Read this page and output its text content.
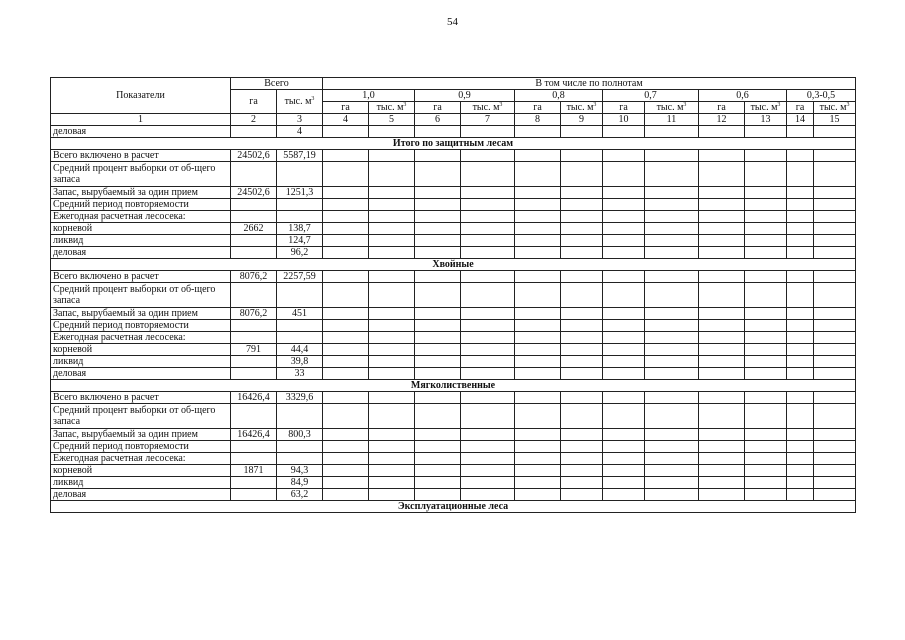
54
Показатели	Всего		В том числе по полнотам											
	га	тыс. $м^3$	1,0		0,9		0,8		0,7		0,6		0,3-0,5	
			га	тыс. $м^3$	га	тыс. $м^3$	га	тыс. $м^3$	га	тыс. $м^3$	га	тыс. $м^3$	га	тыс. $м^3$
1	2	3	4	5	6	7	8	9	10	11	12	13	14	15
деловая		4												
Итого по защитным лесам														
Всего включено в расчет	24502,6	5587,19												
Средний процент выборки от об-щего запаса														
Запас, вырубаемый за один прием	24502,6	1251,3												
Средний период повторяемости														
Ежегодная расчетная лесосека:														
корневой	2662	138,7												
ликвид		124,7												
деловая		96,2												
Хвойные														
Всего включено в расчет	8076,2	2257,59												
Средний процент выборки от об-щего запаса														
Запас, вырубаемый за один прием	8076,2	451												
Средний период повторяемости														
Ежегодная расчетная лесосека:														
корневой	791	44,4												
ликвид		39,8												
деловая		33												
Мягколиственные														
Всего включено в расчет	16426,4	3329,6												
Средний процент выборки от об-щего запаса														
Запас, вырубаемый за один прием	16426,4	800,3												
Средний период повторяемости														
Ежегодная расчетная лесосека:														
корневой	1871	94,3												
ликвид		84,9												
деловая		63,2												
Эксплуатационные леса														
